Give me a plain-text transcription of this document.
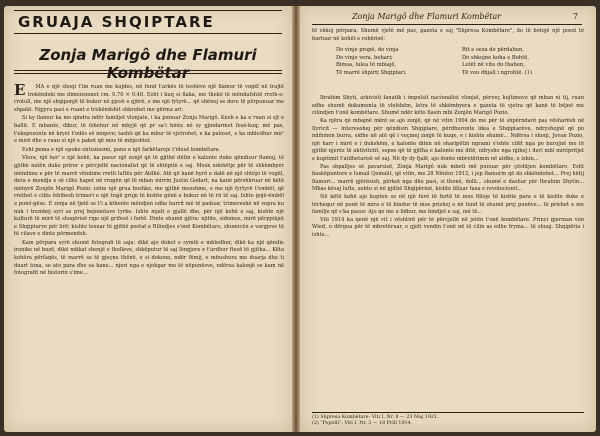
GRUAJA SHQIPTARE
Zonja Marigô dhe Flamuri Kombëtar

E MA e një shoqi t'im ruan me kujdes, në fund t'arkës të teshëve një flamur të vogël në trajtë trekëndshi me dimensionet cm. 0.70 × 0.40. Esht i kuq si flaka, me thekë të mëndafshtë rreth-e-rrotull, me një shqiponjë të bukur në pjesë e gjërë, e me një fytyrë... që shënoj se dore të përpunuar me shpatë. Ngjyra pasi e ruant e trekëndshit shkruhet me gërma ari:

Si ky flamur ka me qindra ndër familjet vlonjate, i ka punuar Zonja Marigô. Kush e ka e ruan si sjt e ballit. E mbante, dikur, të fshehur në mbyjë që pr sa'i binte në sy gjindarmet fesë-kuq; më pas, t'ekspozonte në kryet t'odës së miqeve; tashti që ka mbur të vjetrohet, e ka paloset, e ka mbledhur mir' e mirë dhe e ruan si një e paket që mos të mbjeshtet.

Esht pema e një epoke entuziasmi, pune e një farkëtareje t'idesë kombëtare.

Vlora, një her' e një kohë, ka pasur një zonjë që të gjithë diitin e kalonte duke qëndisur flamuj, të gjithë natën duke prirur e përcjellë nacionalist që të shtëpitë e saj. Mosk ndehëtje për të shkëmbyer mëndime e për të marrë vëndime rreth luftës për Atdhé. Atë që kanë hyrë e dalë në një shtëpi të vogël, dera e mendja e së cilës hapet në rrugën që të mban mirrin Justin Godart, na kanë përshkruar në këtë mënyrë Zonjën Marigô Pozio: ishte një grua boshke, me gjithë mosshme, e me një fyrtyrë t'embël, që rrethet e cilës fshihesh trimeri e një trajë gruje të kishte gënë e bukur në të rii të saj. Ishte gojë-ëmbël e punë-gëse. E zonja në tjelë se t'i a kthente mëndjen edhe burrit më të paduar, trimereshë në vepra ku nuk i trembej syri as prej bejonetave tyrke. Ishte mjalt e gjallë dhe, për një kohë e saj, kishte një kulturë të mirë të shoqërisë rige një grifesë i fortë. Dinte shumë gjëra: njihte, sidomos, mirë përpjekjet e Shqiptarve për lirë; kishte lexuar të gjithë postat e Rilindjes s'onë Kombëtare, shumicën e vargjeve të të cilave e dinte përmendsh.

Kam përpara syrë shumë fotografi të saja: dikë ajo duket e symtë e mbledhur, dikë ka një qëndie ironike në buzë, dikë ndikat shenjë e thelleve, shkëputur të saj lëngjere e t'ardhur ftesë të gjitha... Këta kohëra përfaqës, të marrë se të gjeçne thënë, e si dokeno, ndër fëmij, e mbushura me duarja dhe ti duart tona, se ato para dhe sa kane... njeri nga e njohgar me të nëpunësve, ndërsa kalonjë se kam në fotografit në historin s'ime...

Zonja Marigô dhe Flamuri Kombëtar	7

të shkoj përpara. Shumë vjetë më pas, gazeta e saj "Shpresa Kombëtare", do të botojë një poezi të bartuar në kohët e robërisë:

Do vinje prapë, do vinja
Do vinje vera, behari;
Bimsa, lulea të mbiajë,
Të marrë shpirti Shqiptari,
Rit e seza do përdahen,
Do shkojne koha e Bohtë,
Lotët në vite do thahen,
Të vou dhjall i ngrohtë. (1)

Ibrahim Shyti, arkivisti fanatik i impulsit nacionalist vlonjat, përveç kujtimeve që mban ni tij, ruan edhe shumë dokumenta të vlefshëm, letra të shkëmbyera e gazeta të vjetra që kanë të bëjnë me cilindjen t'onë kombëtare. Shumë ndër këto flasin mbi Zonjën Marigô Pozio.

Ka njëra që mbajnë mënt se ajo zonjë, që në vitin 1904 do me për të shpërndarë pas vësharësh në Ilyricit — interesohej për qëndisin Shqiptare, përdhuronte idea e Shqiptarëve, ndryshojnë që po ndihmon burra, sidhe në atë që i veçmej zonjë të kuqe, e i kishte shumë... Ndërsa i shoqi, Jovan Pozio, një harr i mirë e i dukshëm, e kalonte diten në sharipëtin ngrami s'ishte cilët nga po burojnë me të gjithë njerëz të aktivitetit, sepse që të gjitha e kalonte me ditë, ndryshe nga njihej i deri mbi mirëpritjet e kuptimit t'atdhetarisë së saj. Në dy dy fjalë, ajo donte mbretërimin në atdhe, e ishin...

Pas shpalljes së pavarsisë, Zonja Marigô nuk mbeti më punuar për çështjen kombëtare. Esht baskëpuntore e Ismail Qemalit, që vitin, me 28 Nëntor 1912, i jep flamurin që do shkëndohet... Prej këtij flamuri... marrë gjërësish, përket nga dhe pasi, si thonë, dolli... shumë e dashur për Ibrahim Shytin... Mbas kësaj lufte, ashtu si në gjithë Shqipërinë, kishte filluar faza e revolucionit...

Në këtë kohë ajo kupton se në një furë të fortë të mos filloje të kishte para e të kishte duke e tërhequr në punë të mira e të bindur të mos prishej e në fund të shumë prej punëve... të prishet e me familje që s'ka pasur. Ajo qe me u lidhur, me bindjet e saj, më të...

Viti 1914 ka qenë një vit i vështirë për të përcjellë në jetën t'onë kombëtare. Princi gjerman von Wied, u dërgua për të mbretëruar, e gjeti vendin t'onë në të cilin as edhe fryma... të shuaj. Shqipëria i ishte...

(1) Shpresa Kombëtare: Viti I, Nr. 8 — 23 Maj 1921.
(2) "Popolli": Viti I, Nr. 3 — 18 Prill 1914.
